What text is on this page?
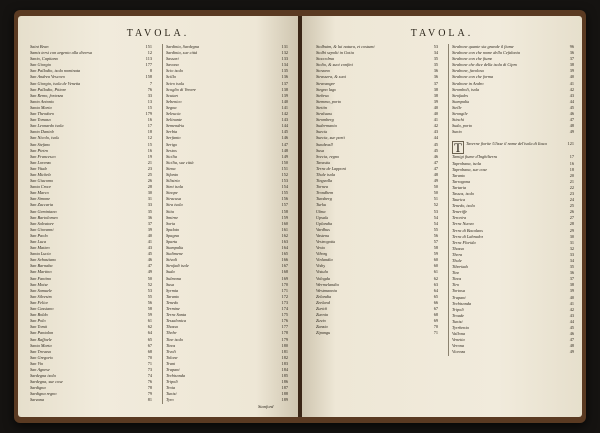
TAVOLA.
Saint Bran	151
Samis tersi con argento alla diversa	12
Sanio, Capitano	113
San Giorgio	177
San Palladio, isola nominata	8
San Andrea Vescovo	158
San Giorgio, isola de Venetia	7
San Palladio, Pittore	76
San Remo, fortezza	33
Santo Antonio	13
Santa Maria	15
San Theodoro	179
San Tomaso	16
San Leonardo isola	17
Santo Daniele	18
San Nicolo, isola	12
San Stefano	15
San Pietro	16
San Francesco	19
San Lorenzo	21
San Vitale	23
San Michele	25
San Giacomo	26
Santa Croce	28
San Marco	30
San Simone	31
San Zaccaria	33
San Geminiano	35
San Bartolomeo	36
San Salvatore	37
San Giovanni	39
San Paolo	40
San Luca	41
San Matteo	43
Santa Lucia	45
San Sebastiano	46
San Barnaba	47
San Martino	49
San Fantino	50
San Moise	52
San Samuele	53
San Silvestro	55
San Felice	56
San Cassiano	58
San Boldo	59
San Polo	61
San Tomà	62
San Pantalon	64
San Raffaele	65
Santa Marta	67
San Trovaso	68
San Gregorio	70
San Vio	71
San Agnese	73
Sardegna isola	74
Sardegna, sue cose	76
Sardigna	78
Sardigna regno	79
Sarzana	81
Sardinia, Sardegna	131
Sardinia, sue città	132
Sassari	133
Savona	134
Scio isola	135
Scilla	136
Sciro isola	137
Scoglio di Venere	138
Scutari	139
Sebenico	140
Segna	141
Seleucia	142
Selinunte	143
Semendria	144
Serbia	145
Serfanto	146
Serigo	147
Sestos	148
Sicilia	149
Sicilia, sue città	150
Siena	151
Sifanto	152
Silistria	153
Simi isola	154
Sinope	155
Siracusa	156
Sira isola	157
Sitia	158
Smirne	159
Soria	160
Spalato	161
Spagna	162
Sparta	163
Stampalia	164
Stalimene	165
Stivali	166
Strofadi isole	167
Suda	168
Sulmona	169
Susa	170
Syrmia	171
Taranto	172
Tenedo	173
Termine	174
Terra Santa	175
Tessalonica	176
Thasso	177
Thebe	178
Tine isola	179
Tinos	180
Tivoli	181
Tolone	182
Trani	183
Trapani	184
Trebisonda	185
Tripoli	186
Troia	187
Tunisi	188
Tyro	189
Stanford
TAVOLA.
Stolbuim, & lui natura, et costumi	53
Stolbi sepolti in Gotia	34
Stoccolma	35
Stolio, & suoi confini	35
Stovano	36
Strassera, & suoi	36
Stravanger	37
Stegno lago	38
Stebruo	38
Stemma, porto	39
Stettin	40
Stralsund	40
Stromberg	41
Sudermania	42
Suecia	43
Suecia, sue parti	44
Sundsvall	45
Susa	45
Svecia, regno	46
Tavastia	47
Terra de Lapponi	47
Thule isola	48
Tingvalla	49
Tornea	50
Trondhem	50
Tunsberg	51
Turku	52
Ulma	53
Upsala	54
Uplandia	54
Vardhus	55
Vastena	56
Vestrogotia	57
Vexio	58
Viborg	59
Vinlandia	60
Visby	60
Vistula	61
Vologda	62
Wermelandia	63
Westmannia	64
Zelandia	65
Zeeland	66
Zurich	67
Zuenia	68
Zuvio	69
Zanzia	70
Zipangu	71
Strabone quante sia grande il fiume	96
Strabone con che nome della Cefalonia	36
Strabone con che fiume	37
Strabone che dice della isola di Cipro	38
Strabone, favoloso	39
Strabone con che forma	40
Strabone in Andro	41
Stromboli, isola	42
Strofades	43
Stampalia	44
Stelle	45
Strongile	46
Stinchi	47
Suda, porto	48
Sunio	49
T Taverne fiorite Ulisse il nome del'isola di Itaca	121
Tamigi fiume d'Inghilterra	17
Taprobana, isola	16
Taprobana, sue cose	18
Taranto	20
Tarragona	21
Tartaria	22
Tassos, isola	23
Taurica	24
Tenedo, isola	25
Teneriffe	26
Terceira	27
Terra Nuova	28
Terra di Bacalaos	29
Terra di Labrador	30
Terra Florida	31
Thasso	32
Thera	33
Thule	34
Tiberiade	35
Tine	36
Tinos	37
Tiro	38
Tortosa	39
Trapani	40
Trebisonda	41
Tripoli	42
Troade	43
Tunisi	44
Tyrrhenia	45
Vallona	46
Venetia	47
Verona	48
Vicenza	49
